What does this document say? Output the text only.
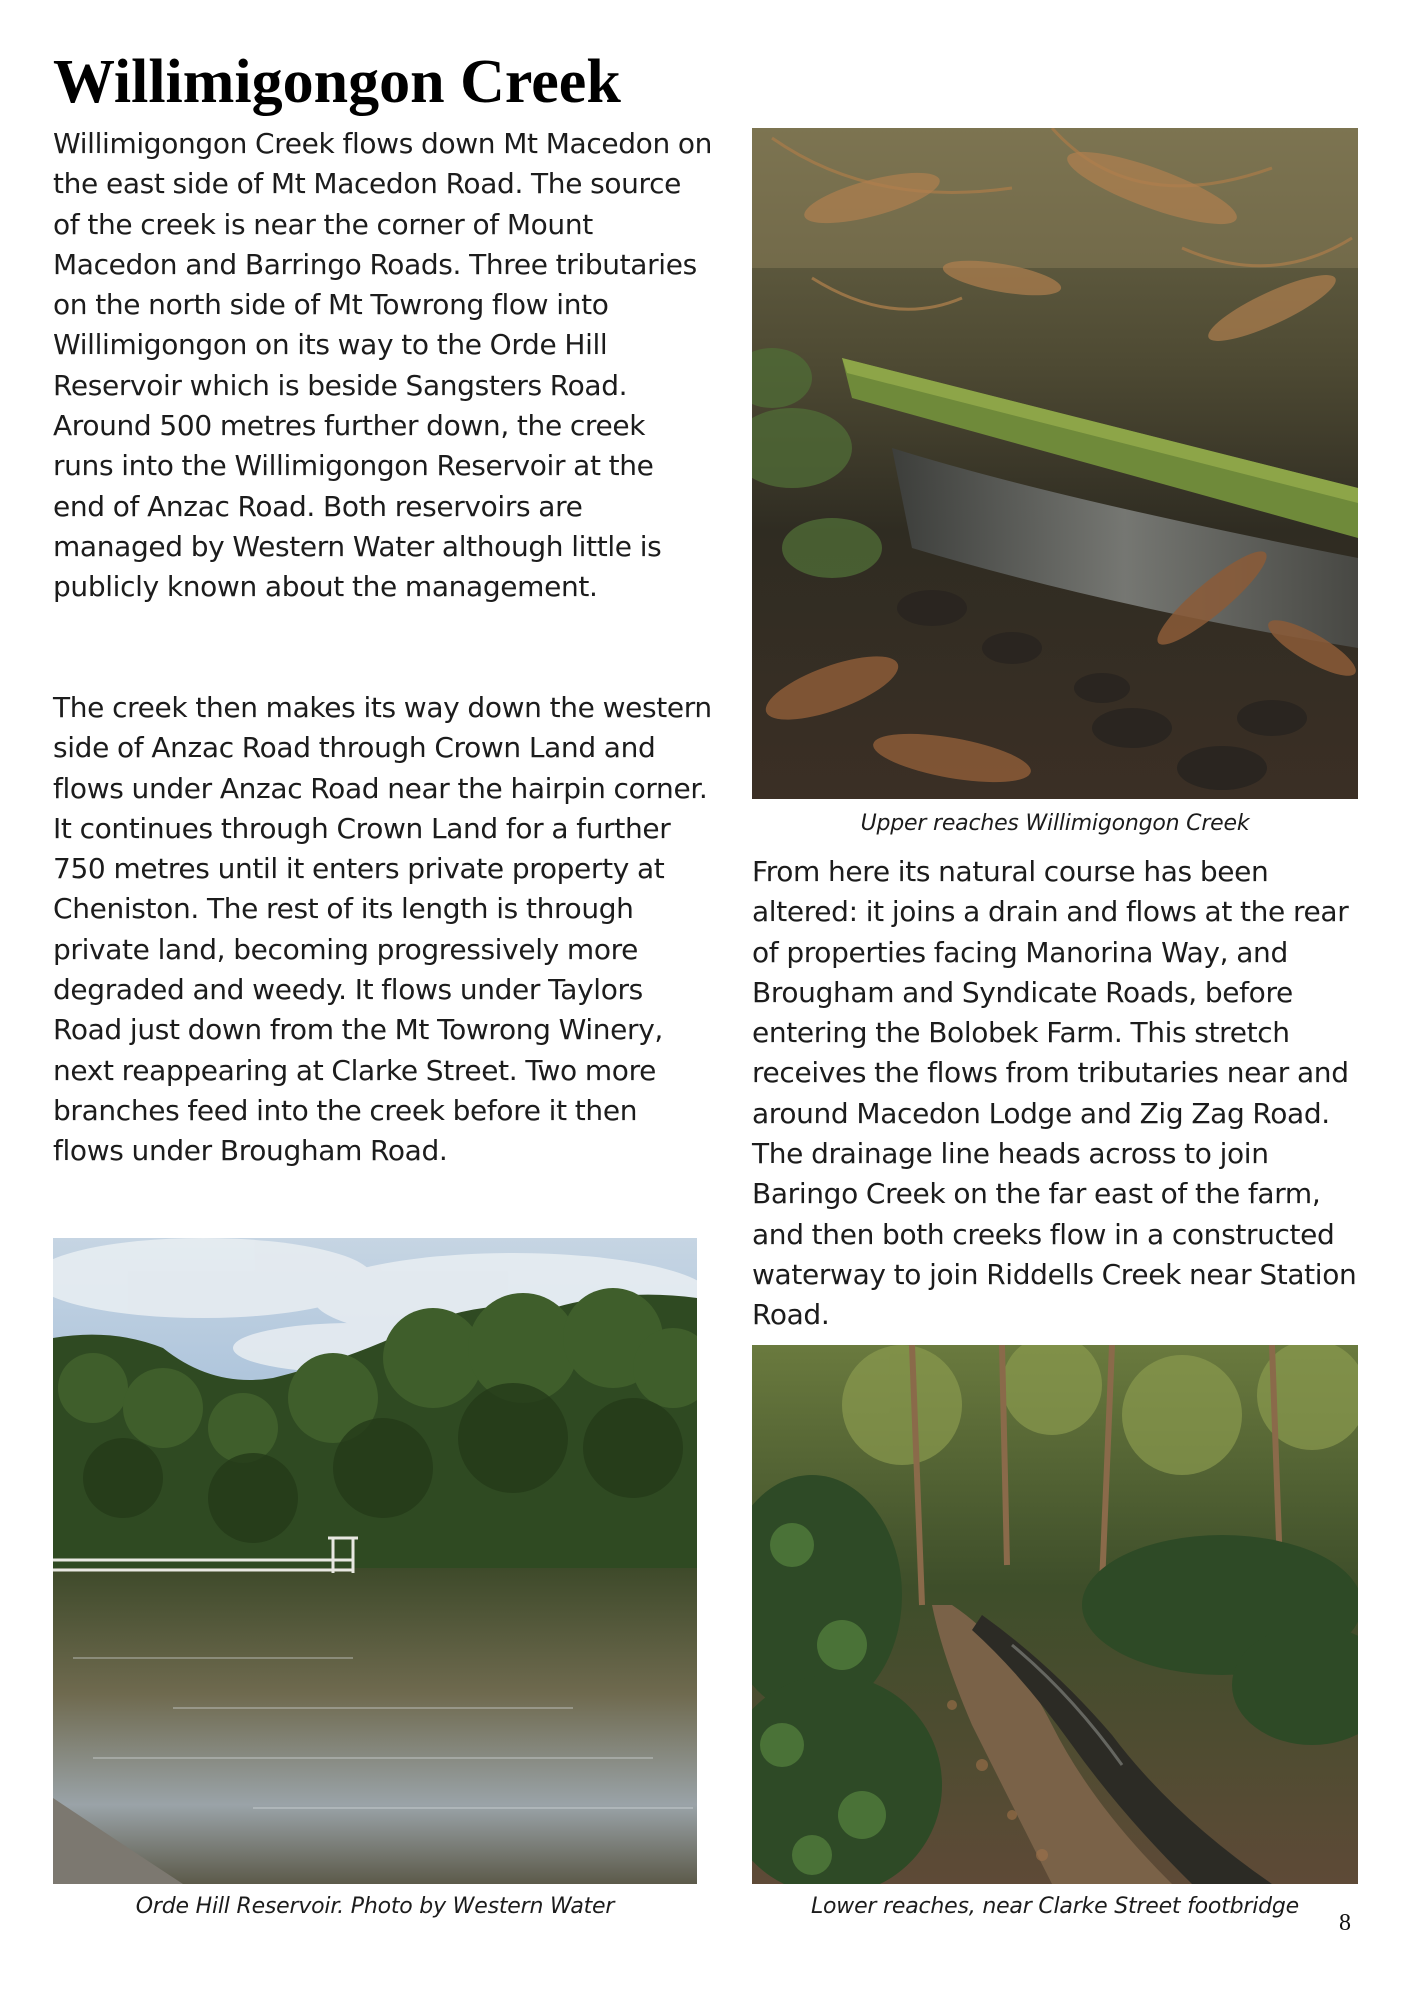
Willimigongon Creek

Willimigongon Creek flows down Mt Macedon on the east side of Mt Macedon Road. The source of the creek is near the corner of Mount Macedon and Barringo Roads. Three tributaries on the north side of Mt Towrong flow into Willimigongon on its way to the Orde Hill Reservoir which is beside Sangsters Road. Around 500 metres further down, the creek runs into the Willimigongon Reservoir at the end of Anzac Road. Both reservoirs are managed by Western Water although little is publicly known about the management.

The creek then makes its way down the western side of Anzac Road through Crown Land and flows under Anzac Road near the hairpin corner. It continues through Crown Land for a further 750 metres until it enters private property at Cheniston. The rest of its length is through private land, becoming progressively more degraded and weedy. It flows under Taylors Road just down from the Mt Towrong Winery, next reappearing at Clarke Street. Two more branches feed into the creek before it then flows under Brougham Road.

From here its natural course has been altered: it joins a drain and flows at the rear of properties facing Manorina Way, and Brougham and Syndicate Roads, before entering the Bolobek Farm. This stretch receives the flows from tributaries near and around Macedon Lodge and Zig Zag Road. The drainage line heads across to join Baringo Creek on the far east of the farm, and then both creeks flow in a constructed waterway to join Riddells Creek near Station Road.

Upper reaches Willimigongon Creek

Orde Hill Reservoir. Photo by Western Water	Lower reaches, near Clarke Street footbridge

8
